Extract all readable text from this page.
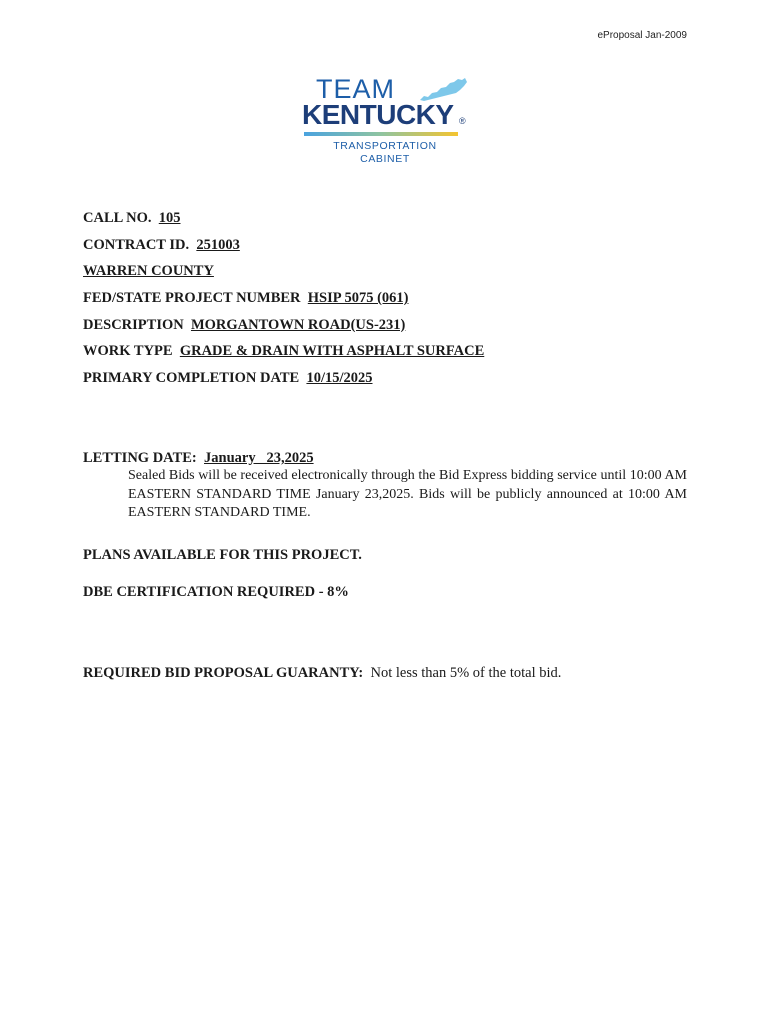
eProposal Jan-2009
TEAM
KENTUCKY ®
TRANSPORTATION
CABINET
CALL NO. 105
CONTRACT ID. 251003
WARREN COUNTY
FED/STATE PROJECT NUMBER HSIP 5075 (061)
DESCRIPTION MORGANTOWN ROAD(US-231)
WORK TYPE GRADE & DRAIN WITH ASPHALT SURFACE
PRIMARY COMPLETION DATE 10/15/2025
LETTING DATE: January   23,2025
Sealed Bids will be received electronically through the Bid Express bidding service until 10:00 AM EASTERN STANDARD TIME January 23,2025. Bids will be publicly announced at 10:00 AM EASTERN STANDARD TIME.
PLANS AVAILABLE FOR THIS PROJECT.
DBE CERTIFICATION REQUIRED - 8%
REQUIRED BID PROPOSAL GUARANTY: Not less than 5% of the total bid.
